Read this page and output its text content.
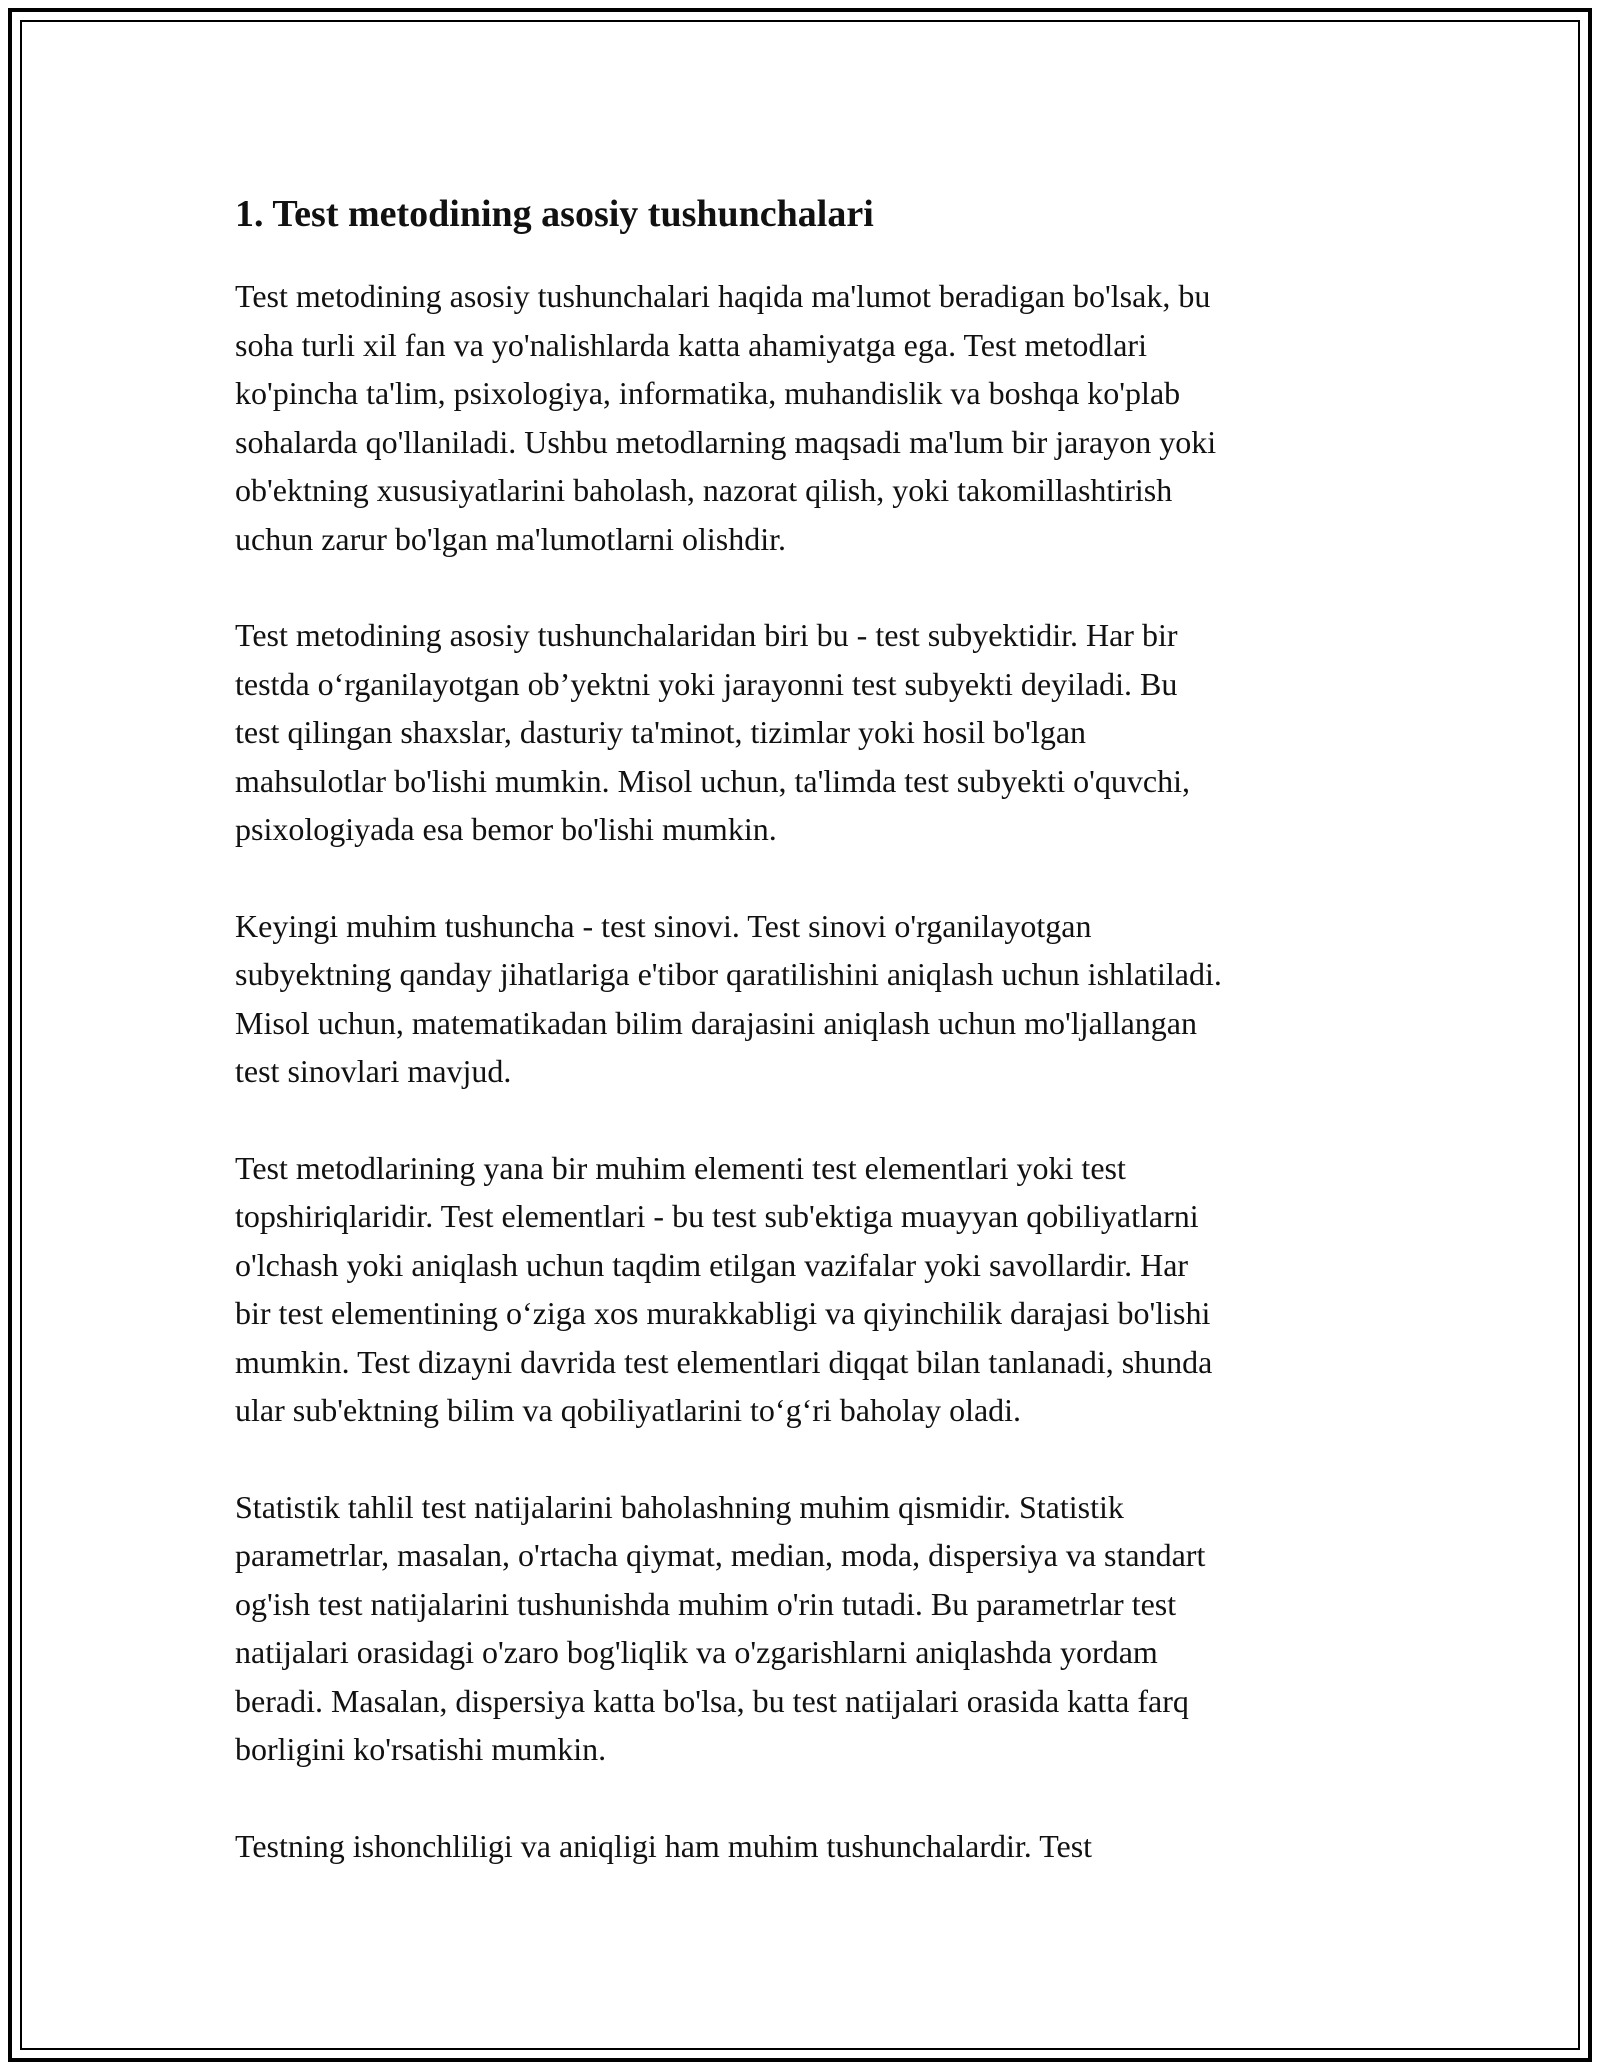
1. Test metodining asosiy tushunchalari

Test metodining asosiy tushunchalari haqida ma'lumot beradigan bo'lsak, bu
soha turli xil fan va yo'nalishlarda katta ahamiyatga ega. Test metodlari
ko'pincha ta'lim, psixologiya, informatika, muhandislik va boshqa ko'plab
sohalarda qo'llaniladi. Ushbu metodlarning maqsadi ma'lum bir jarayon yoki
ob'ektning xususiyatlarini baholash, nazorat qilish, yoki takomillashtirish
uchun zarur bo'lgan ma'lumotlarni olishdir.

Test metodining asosiy tushunchalaridan biri bu - test subyektidir. Har bir
testda o‘rganilayotgan ob’yektni yoki jarayonni test subyekti deyiladi. Bu
test qilingan shaxslar, dasturiy ta'minot, tizimlar yoki hosil bo'lgan
mahsulotlar bo'lishi mumkin. Misol uchun, ta'limda test subyekti o'quvchi,
psixologiyada esa bemor bo'lishi mumkin.

Keyingi muhim tushuncha - test sinovi. Test sinovi o'rganilayotgan
subyektning qanday jihatlariga e'tibor qaratilishini aniqlash uchun ishlatiladi.
Misol uchun, matematikadan bilim darajasini aniqlash uchun mo'ljallangan
test sinovlari mavjud.

Test metodlarining yana bir muhim elementi test elementlari yoki test
topshiriqlaridir. Test elementlari - bu test sub'ektiga muayyan qobiliyatlarni
o'lchash yoki aniqlash uchun taqdim etilgan vazifalar yoki savollardir. Har
bir test elementining o‘ziga xos murakkabligi va qiyinchilik darajasi bo'lishi
mumkin. Test dizayni davrida test elementlari diqqat bilan tanlanadi, shunda
ular sub'ektning bilim va qobiliyatlarini to‘g‘ri baholay oladi.

Statistik tahlil test natijalarini baholashning muhim qismidir. Statistik
parametrlar, masalan, o'rtacha qiymat, median, moda, dispersiya va standart
og'ish test natijalarini tushunishda muhim o'rin tutadi. Bu parametrlar test
natijalari orasidagi o'zaro bog'liqlik va o'zgarishlarni aniqlashda yordam
beradi. Masalan, dispersiya katta bo'lsa, bu test natijalari orasida katta farq
borligini ko'rsatishi mumkin.

Testning ishonchliligi va aniqligi ham muhim tushunchalardir. Test
